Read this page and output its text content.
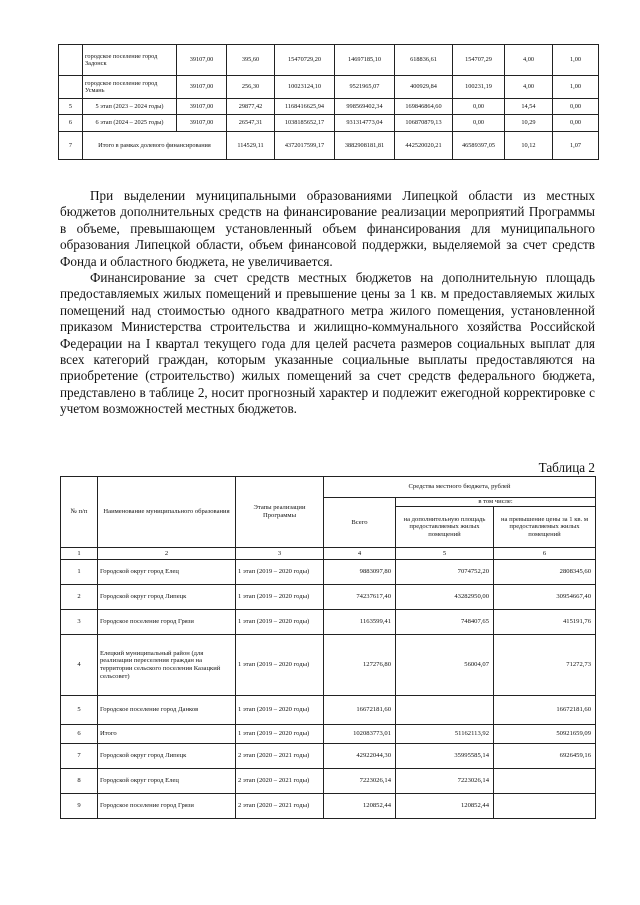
	городское поселение город Задонск	39107,00	395,60	15470729,20	14697185,10	618836,61	154707,29	4,00	1,00
	городское поселение город Усмань	39107,00	256,30	10023124,10	9521965,07	400929,84	100231,19	4,00	1,00
5	5 этап (2023 – 2024 годы)	39107,00	29877,42	1168416625,94	998569402,34	169846864,60	0,00	14,54	0,00
6	6 этап (2024 – 2025 годы)	39107,00	26547,31	1038185652,17	931314773,04	106870879,13	0,00	10,29	0,00
7	Итого в рамках долевого финансирования		114529,11	4372017599,17	3882908181,81	442520020,21	46589397,05	10,12	1,07

При выделении муниципальными образованиями Липецкой области из местных бюджетов дополнительных средств на финансирование реализации мероприятий Программы в объеме, превышающем установленный объем финансирования для муниципального образования Липецкой области, объем финансовой поддержки, выделяемой за счет средств Фонда и областного бюджета, не увеличивается.

Финансирование за счет средств местных бюджетов на дополнительную площадь предоставляемых жилых помещений и превышение цены за 1 кв. м предоставляемых жилых помещений над стоимостью одного квадратного метра жилого помещения, установленной приказом Министерства строительства и жилищно-коммунального хозяйства Российской Федерации на I квартал текущего года для целей расчета размеров социальных выплат для всех категорий граждан, которым указанные социальные выплаты предоставляются на приобретение (строительство) жилых помещений за счет средств федерального бюджета, представлено в таблице 2, носит прогнозный характер и подлежит ежегодной корректировке с учетом возможностей местных бюджетов.

Таблица 2
№ п/п	Наименование муниципального образования	Этапы реализации Программы	Средства местного бюджета, рублей		
			Всего	в том числе:	
				на дополнительную площадь предоставляемых жилых помещений	на превышение цены за 1 кв. м предоставляемых жилых помещений
1	2	3	4	5	6
1	Городской округ город Елец	1 этап (2019 – 2020 годы)	9883097,80	7074752,20	2808345,60
2	Городской округ город Липецк	1 этап (2019 – 2020 годы)	74237617,40	43282950,00	30954667,40
3	Городское поселение город Грязи	1 этап (2019 – 2020 годы)	1163599,41	748407,65	415191,76
4	Елецкий муниципальный район (для реализации переселения граждан на территории сельского поселения Казацкий сельсовет)	1 этап (2019 – 2020 годы)	127276,80	56004,07	71272,73
5	Городское поселение город Данков	1 этап (2019 – 2020 годы)	16672181,60		16672181,60
6	Итого	1 этап (2019 – 2020 годы)	102083773,01	51162113,92	50921659,09
7	Городской округ город Липецк	2 этап (2020 – 2021 годы)	42922044,30	35995585,14	6926459,16
8	Городской округ город Елец	2 этап (2020 – 2021 годы)	7223026,14	7223026,14	
9	Городское поселение город Грязи	2 этап (2020 – 2021 годы)	120852,44	120852,44	
